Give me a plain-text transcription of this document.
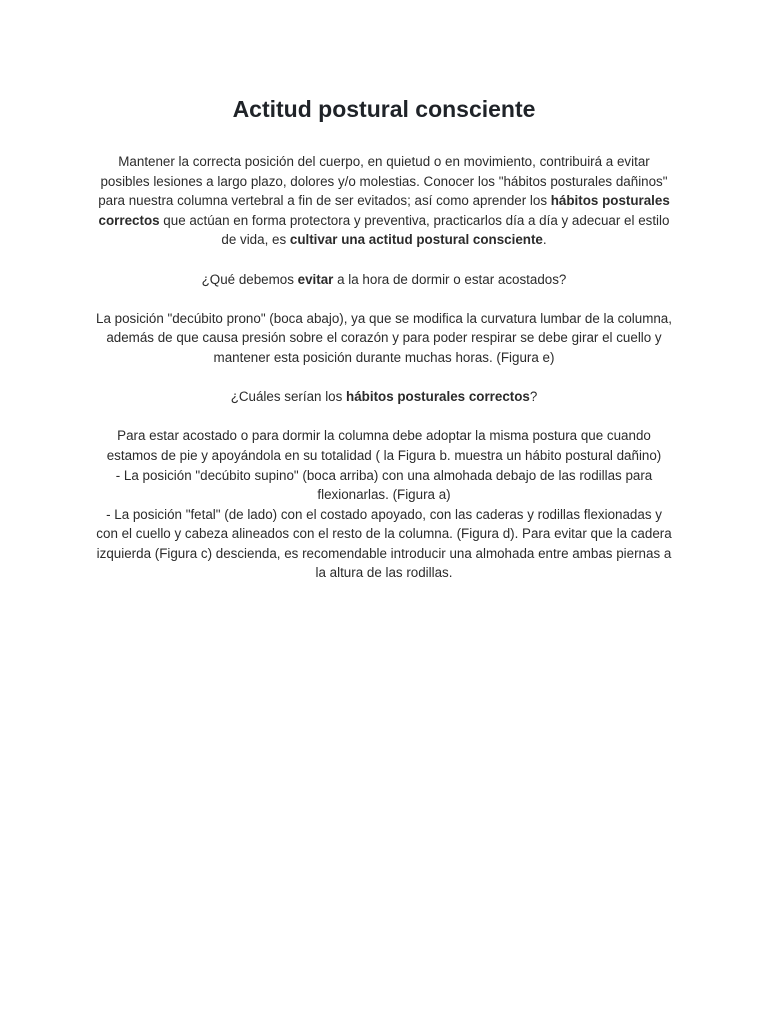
Actitud postural consciente

Mantener la correcta posición del cuerpo, en quietud o en movimiento, contribuirá a evitar posibles lesiones a largo plazo, dolores y/o molestias. Conocer los "hábitos posturales dañinos" para nuestra columna vertebral a fin de ser evitados; así como aprender los hábitos posturales correctos que actúan en forma protectora y preventiva, practicarlos día a día y adecuar el estilo de vida, es cultivar una actitud postural consciente.

¿Qué debemos evitar a la hora de dormir o estar acostados?

La posición "decúbito prono" (boca abajo), ya que se modifica la curvatura lumbar de la columna, además de que causa presión sobre el corazón y para poder respirar se debe girar el cuello y mantener esta posición durante muchas horas. (Figura e)

¿Cuáles serían los hábitos posturales correctos?

Para estar acostado o para dormir la columna debe adoptar la misma postura que cuando estamos de pie y apoyándola en su totalidad ( la Figura b. muestra un hábito postural dañino)
- La posición "decúbito supino" (boca arriba) con una almohada debajo de las rodillas para flexionarlas. (Figura a)
- La posición "fetal" (de lado) con el costado apoyado, con las caderas y rodillas flexionadas y con el cuello y cabeza alineados con el resto de la columna. (Figura d). Para evitar que la cadera izquierda (Figura c) descienda, es recomendable introducir una almohada entre ambas piernas a la altura de las rodillas.
